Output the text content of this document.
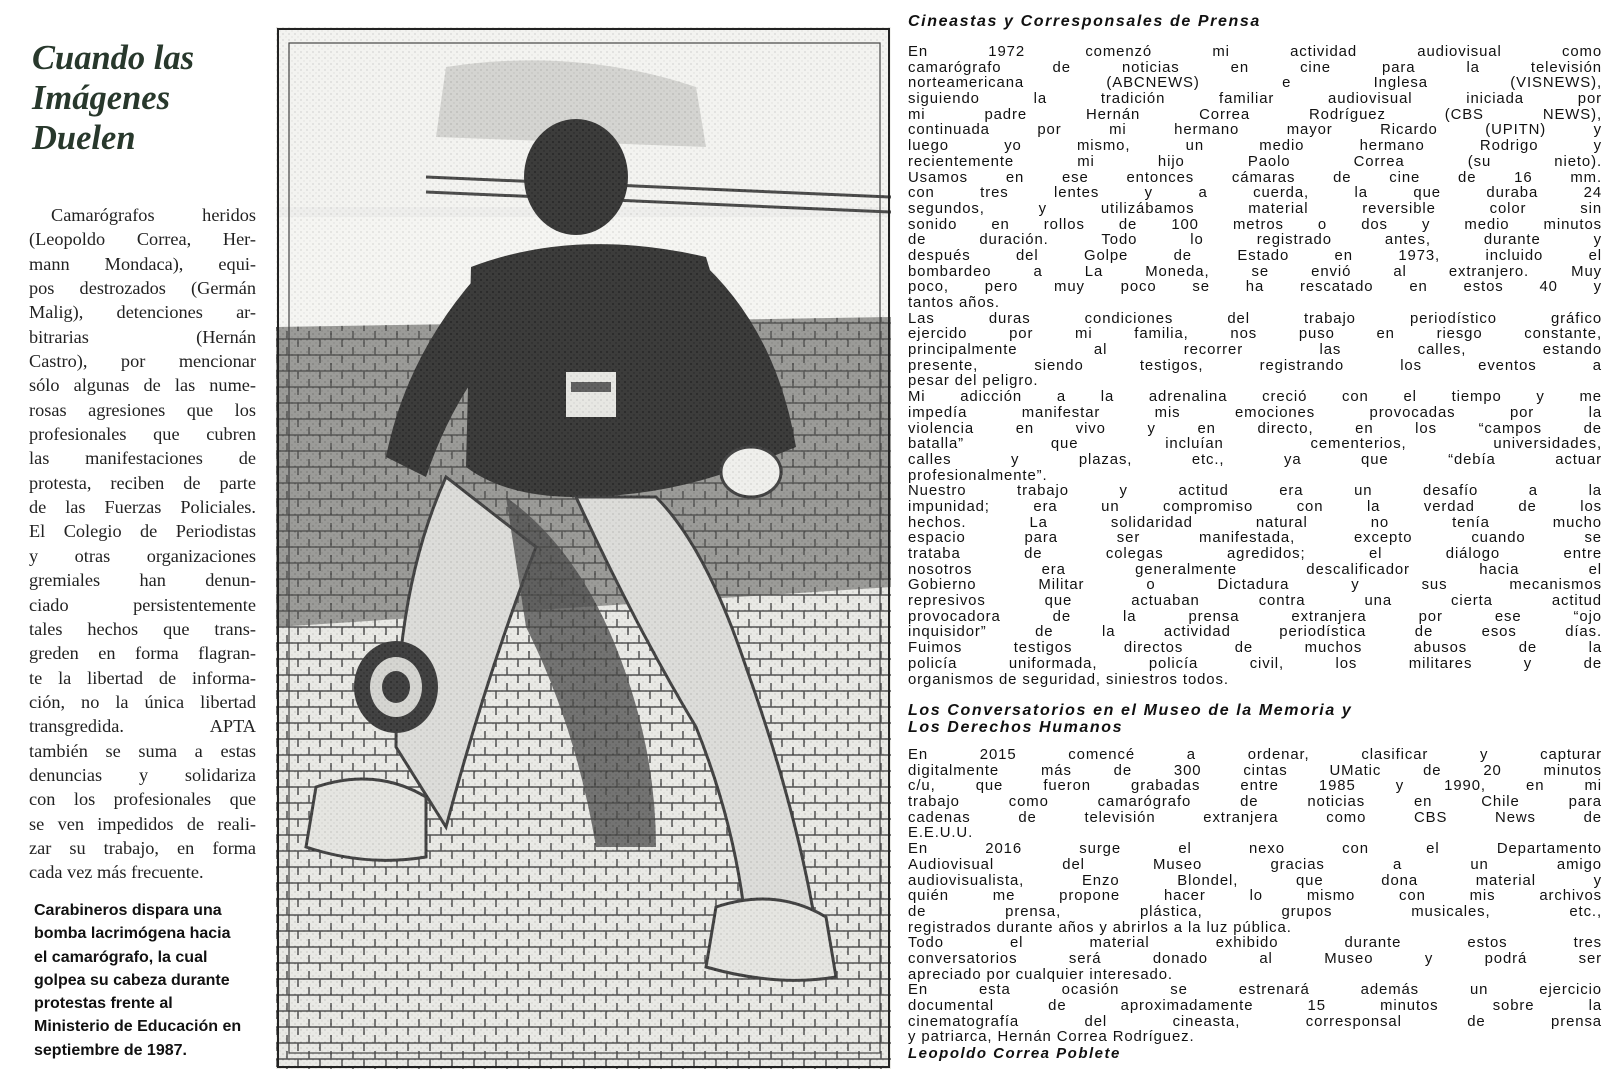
Cuando las
Imágenes
Duelen
Camarógrafos heridos
(Leopoldo Correa, Her-
mann Mondaca), equi-
pos destrozados (Germán
Malig), detenciones ar-
bitrarias (Hernán
Castro), por mencionar
sólo algunas de las nume-
rosas agresiones que los
profesionales que cubren
las manifestaciones de
protesta, reciben de parte
de las Fuerzas Policiales.
El Colegio de Periodistas
y otras organizaciones
gremiales han denun-
ciado persistentemente
tales hechos que trans-
greden en forma flagran-
te la libertad de informa-
ción, no la única libertad
transgredida. APTA
también se suma a estas
denuncias y solidariza
con los profesionales que
se ven impedidos de reali-
zar su trabajo, en forma
cada vez más frecuente.
Carabineros dispara una
bomba lacrimógena hacia
el camarógrafo, la cual
golpea su cabeza durante
protestas frente al
Ministerio de Educación en
septiembre de 1987.
Cineastas y Corresponsales de Prensa
En 1972 comenzó mi actividad audiovisual como
camarógrafo de noticias en cine para la televisión
norteamericana (ABCNEWS) e Inglesa (VISNEWS),
siguiendo la tradición familiar audiovisual iniciada por
mi padre Hernán Correa Rodríguez (CBS NEWS),
continuada por mi hermano mayor Ricardo (UPITN) y
luego yo mismo, un medio hermano Rodrigo y
recientemente mi hijo Paolo Correa (su nieto).
Usamos en ese entonces cámaras de cine de 16 mm.
con tres lentes y a cuerda, la que duraba 24
segundos, y utilizábamos material reversible color sin
sonido en rollos de 100 metros o dos y medio minutos
de duración. Todo lo registrado antes, durante y
después del Golpe de Estado en 1973, incluido el
bombardeo a La Moneda, se envió al extranjero. Muy
poco, pero muy poco se ha rescatado en estos 40 y
tantos años.
Las duras condiciones del trabajo periodístico gráfico
ejercido por mi familia, nos puso en riesgo constante,
principalmente al recorrer las calles, estando
presente, siendo testigos, registrando los eventos a
pesar del peligro.
Mi adicción a la adrenalina creció con el tiempo y me
impedía manifestar mis emociones provocadas por la
violencia en vivo y en directo, en los “campos de
batalla” que incluían cementerios, universidades,
calles y plazas, etc., ya que “debía actuar
profesionalmente”.
Nuestro trabajo y actitud era un desafío a la
impunidad; era un compromiso con la verdad de los
hechos. La solidaridad natural no tenía mucho
espacio para ser manifestada, excepto cuando se
trataba de colegas agredidos; el diálogo entre
nosotros era generalmente descalificador hacia el
Gobierno Militar o Dictadura y sus mecanismos
represivos que actuaban contra una cierta actitud
provocadora de la prensa extranjera por ese “ojo
inquisidor” de la actividad periodística de esos días.
Fuimos testigos directos de muchos abusos de la
policía uniformada, policía civil, los militares y de
organismos de seguridad, siniestros todos.
Los Conversatorios en el Museo de la Memoria y
Los Derechos Humanos
En 2015 comencé a ordenar, clasificar y capturar
digitalmente más de 300 cintas UMatic de 20 minutos
c/u, que fueron grabadas entre 1985 y 1990, en mi
trabajo como camarógrafo de noticias en Chile para
cadenas de televisión extranjera como CBS News de
E.E.U.U.
En 2016 surge el nexo con el Departamento
Audiovisual del Museo gracias a un amigo
audiovisualista, Enzo Blondel, que dona material y
quién me propone hacer lo mismo con mis archivos
de prensa, plástica, grupos musicales, etc.,
registrados durante años y abrirlos a la luz pública.
Todo el material exhibido durante estos tres
conversatorios será donado al Museo y podrá ser
apreciado por cualquier interesado.
En esta ocasión se estrenará además un ejercicio
documental de aproximadamente 15 minutos sobre la
cinematografía del cineasta, corresponsal de prensa
y patriarca, Hernán Correa Rodríguez.
Leopoldo Correa Poblete
